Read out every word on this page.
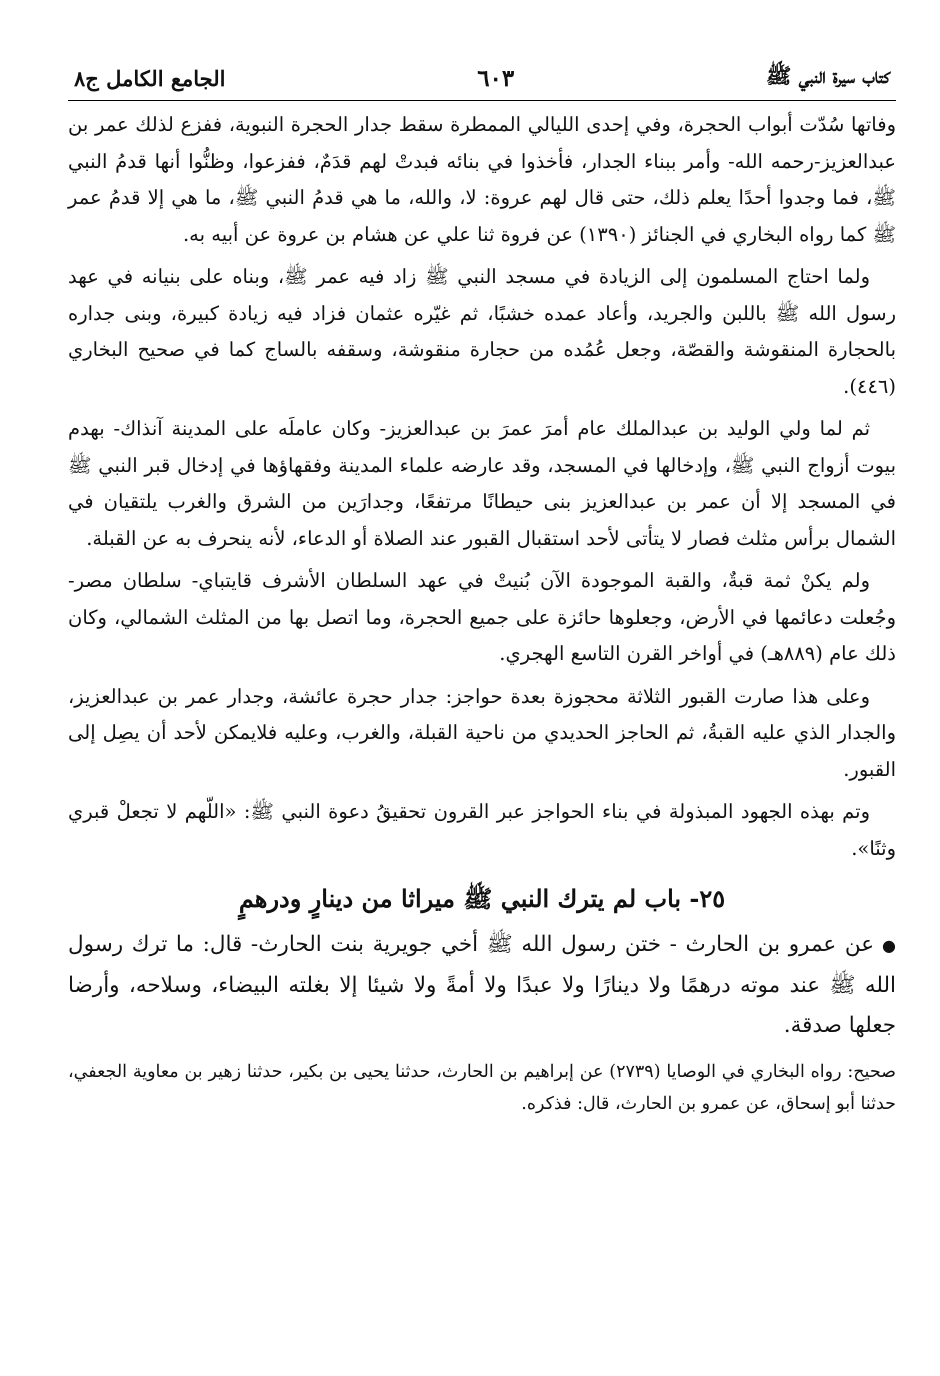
كتاب سيرة النبي ﷺ
٦٠٣
الجامع الكامل ج٨

وفاتها سُدّت أبواب الحجرة، وفي إحدى الليالي الممطرة سقط جدار الحجرة النبوية، ففزع لذلك عمر بن عبدالعزيز-رحمه الله- وأمر ببناء الجدار، فأخذوا في بنائه فبدتْ لهم قدَمٌ، ففزعوا، وظنُّوا أنها قدمُ النبي ﷺ، فما وجدوا أحدًا يعلم ذلك، حتى قال لهم عروة: لا، والله، ما هي قدمُ النبي ﷺ، ما هي إلا قدمُ عمر ﷺ كما رواه البخاري في الجنائز (١٣٩٠) عن فروة ثنا علي عن هشام بن عروة عن أبيه به.

ولما احتاج المسلمون إلى الزيادة في مسجد النبي ﷺ زاد فيه عمر ﷺ، وبناه على بنيانه في عهد رسول الله ﷺ باللبن والجريد، وأعاد عمده خشبًا، ثم غيّره عثمان فزاد فيه زيادة كبيرة، وبنى جداره بالحجارة المنقوشة والقصّة، وجعل عُمُده من حجارة منقوشة، وسقفه بالساج كما في صحيح البخاري (٤٤٦).

ثم لما ولي الوليد بن عبدالملك عام أمرَ عمرَ بن عبدالعزيز- وكان عاملَه على المدينة آنذاك- بهدم بيوت أزواج النبي ﷺ، وإدخالها في المسجد، وقد عارضه علماء المدينة وفقهاؤها في إدخال قبر النبي ﷺ في المسجد إلا أن عمر بن عبدالعزيز بنى حيطانًا مرتفعًا، وجدارَين من الشرق والغرب يلتقيان في الشمال برأس مثلث فصار لا يتأتى لأحد استقبال القبور عند الصلاة أو الدعاء، لأنه ينحرف به عن القبلة.

ولم يكنْ ثمة قبةٌ، والقبة الموجودة الآن بُنيتْ في عهد السلطان الأشرف قايتباي- سلطان مصر- وجُعلت دعائمها في الأرض، وجعلوها حائزة على جميع الحجرة، وما اتصل بها من المثلث الشمالي، وكان ذلك عام (٨٨٩هـ) في أواخر القرن التاسع الهجري.

وعلى هذا صارت القبور الثلاثة محجوزة بعدة حواجز: جدار حجرة عائشة، وجدار عمر بن عبدالعزيز، والجدار الذي عليه القبةُ، ثم الحاجز الحديدي من ناحية القبلة، والغرب، وعليه فلايمكن لأحد أن يصِل إلى القبور.

وتم بهذه الجهود المبذولة في بناء الحواجز عبر القرون تحقيقُ دعوة النبي ﷺ: «اللّهم لا تجعلْ قبري وثنًا».

٢٥- باب لم يترك النبي ﷺ ميراثا من دينارٍ ودرهمٍ

●عن عمرو بن الحارث - ختن رسول الله ﷺ أخي جويرية بنت الحارث- قال: ما ترك رسول الله ﷺ عند موته درهمًا ولا دينارًا ولا عبدًا ولا أمةً ولا شيئا إلا بغلته البيضاء، وسلاحه، وأرضا جعلها صدقة.

صحيح: رواه البخاري في الوصايا (٢٧٣٩) عن إبراهيم بن الحارث، حدثنا يحيى بن بكير، حدثنا زهير بن معاوية الجعفي، حدثنا أبو إسحاق، عن عمرو بن الحارث، قال: فذكره.
